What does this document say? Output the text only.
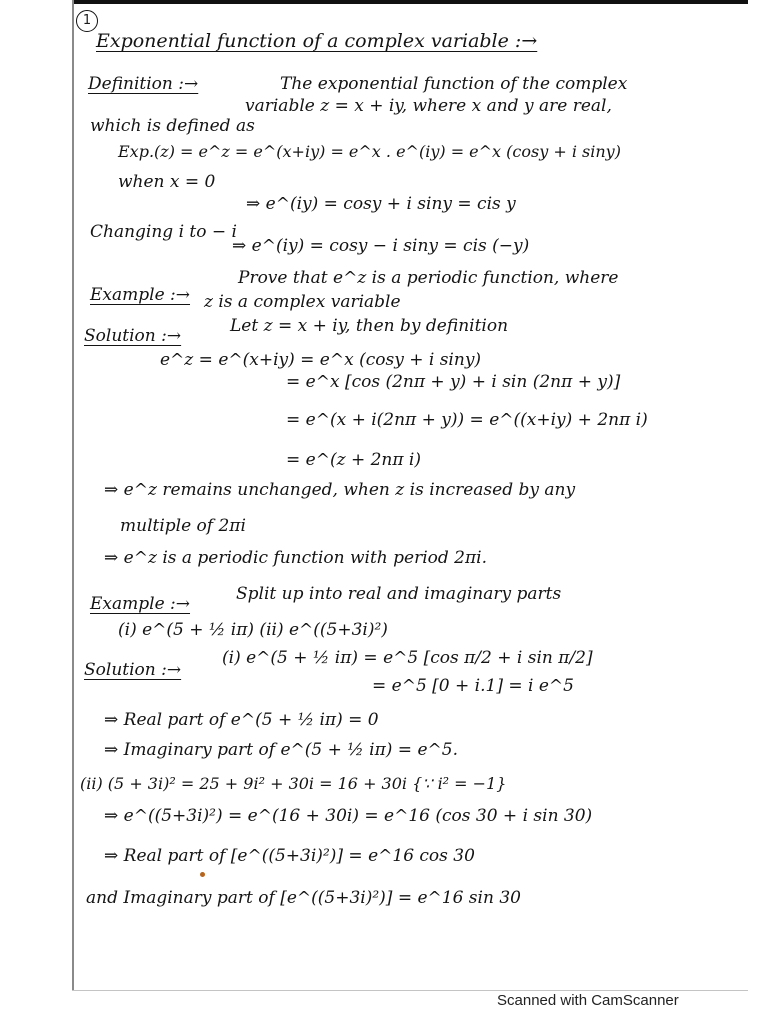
1
Exponential function of a complex variable :→
Definition :→	The exponential function of the complex
variable z = x + iy, where x and y are real,
which is defined as
Exp.(z) = e^z = e^(x+iy) = e^x . e^(iy) = e^x (cosy + i siny)
when x = 0
⇒ e^(iy) = cosy + i siny = cis y
Changing i to − i
⇒ e^(iy) = cosy − i siny = cis (−y)
Example :→
Prove that e^z is a periodic function, where
z is a complex variable
Solution :→	Let z = x + iy, then by definition
e^z = e^(x+iy) = e^x (cosy + i siny)
= e^x [cos (2nπ + y) + i sin (2nπ + y)]
= e^(x + i(2nπ + y)) = e^((x+iy) + 2nπ i)
= e^(z + 2nπ i)
⇒ e^z remains unchanged, when z is increased by any
multiple of 2πi
⇒ e^z is a periodic function with period 2πi.
Example :→	Split up into real and imaginary parts
(i) e^(5 + ½ iπ) (ii) e^((5+3i)²)
Solution :→
(i) e^(5 + ½ iπ) = e^5 [cos π/2 + i sin π/2]
= e^5 [0 + i.1] = i e^5
⇒ Real part of e^(5 + ½ iπ) = 0
⇒ Imaginary part of e^(5 + ½ iπ) = e^5.
(ii) (5 + 3i)² = 25 + 9i² + 30i = 16 + 30i {∵ i² = −1}
⇒ e^((5+3i)²) = e^(16 + 30i) = e^16 (cos 30 + i sin 30)
⇒ Real part of [e^((5+3i)²)] = e^16 cos 30
and Imaginary part of [e^((5+3i)²)] = e^16 sin 30
Scanned with CamScanner
